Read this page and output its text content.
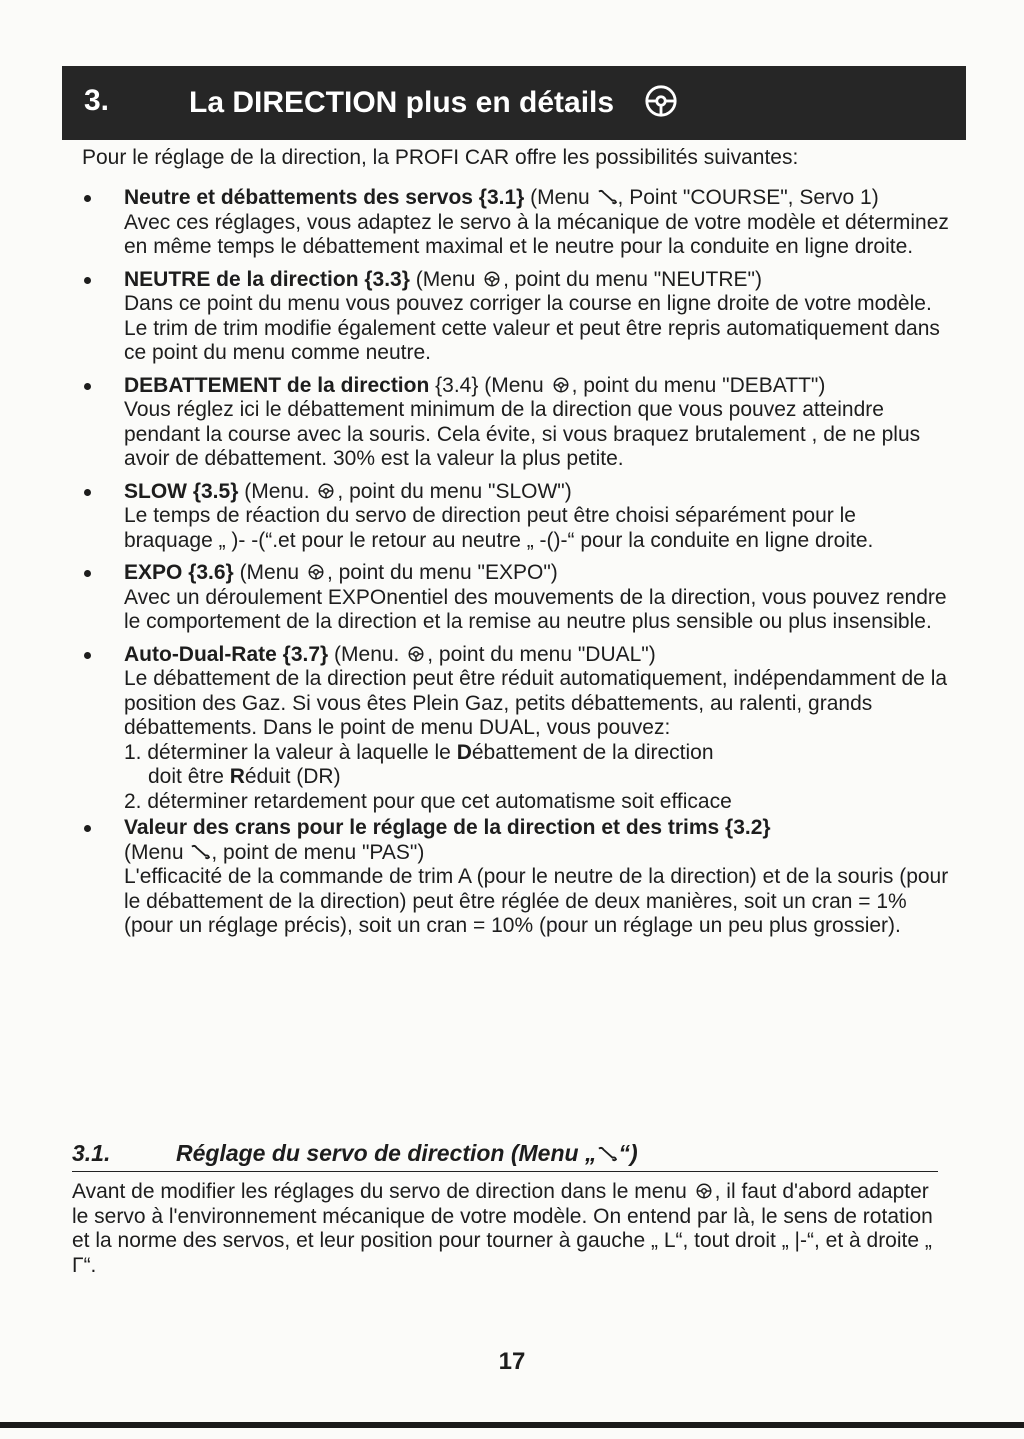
3.	La DIRECTION plus en détails
Pour le réglage de la direction, la PROFI CAR offre les possibilités suivantes:

Neutre et débattements des servos {3.1} (Menu , Point "COURSE", Servo 1)

Avec ces réglages, vous adaptez le servo à la mécanique de votre modèle et déterminez en même temps le débattement maximal et le neutre pour la conduite en ligne droite.

NEUTRE de la direction {3.3} (Menu , point du menu "NEUTRE")

Dans ce point du menu vous pouvez corriger la course en ligne droite de votre modèle. Le trim de trim modifie également cette valeur et peut être repris automatiquement dans ce point du menu comme neutre.

DEBATTEMENT de la direction {3.4} (Menu , point du menu "DEBATT")

Vous réglez ici le débattement minimum de la direction que vous pouvez atteindre pendant la course avec la souris. Cela évite, si vous braquez brutalement , de ne plus avoir de débattement. 30% est la valeur la plus petite.

SLOW {3.5} (Menu. , point du menu "SLOW")

Le temps de réaction du servo de direction peut être choisi séparément pour le braquage „ )- -(“.et pour le retour au neutre „ -()-“ pour la conduite en ligne droite.

EXPO {3.6} (Menu , point du menu "EXPO")

Avec un déroulement EXPOnentiel des mouvements de la direction, vous pouvez rendre le comportement de la direction et la remise au neutre plus sensible ou plus insensible.

Auto-Dual-Rate {3.7} (Menu. , point du menu "DUAL")

Le débattement de la direction peut être réduit automatiquement, indépendamment de la position des Gaz. Si vous êtes Plein Gaz, petits débattements, au ralenti, grands débattements. Dans le point de menu DUAL, vous pouvez:

1. déterminer la valeur à laquelle le Débattement de la direction

doit être Réduit (DR)

2. déterminer retardement pour que cet automatisme soit efficace

Valeur des crans pour le réglage de la direction et des trims {3.2}

(Menu , point de menu "PAS")

L'efficacité de la commande de trim A (pour le neutre de la direction) et de la souris (pour le débattement de la direction) peut être réglée de deux manières, soit un cran = 1% (pour un réglage précis), soit un cran = 10% (pour un réglage un peu plus grossier).

3.1.	Réglage du servo de direction (Menu „ “)

Avant de modifier les réglages du servo de direction dans le menu , il faut d'abord adapter le servo à l'environnement mécanique de votre modèle. On entend par là, le sens de rotation et la norme des servos, et leur position pour tourner à gauche „ L“, tout droit „ |-“, et à droite „ Γ“.

17
